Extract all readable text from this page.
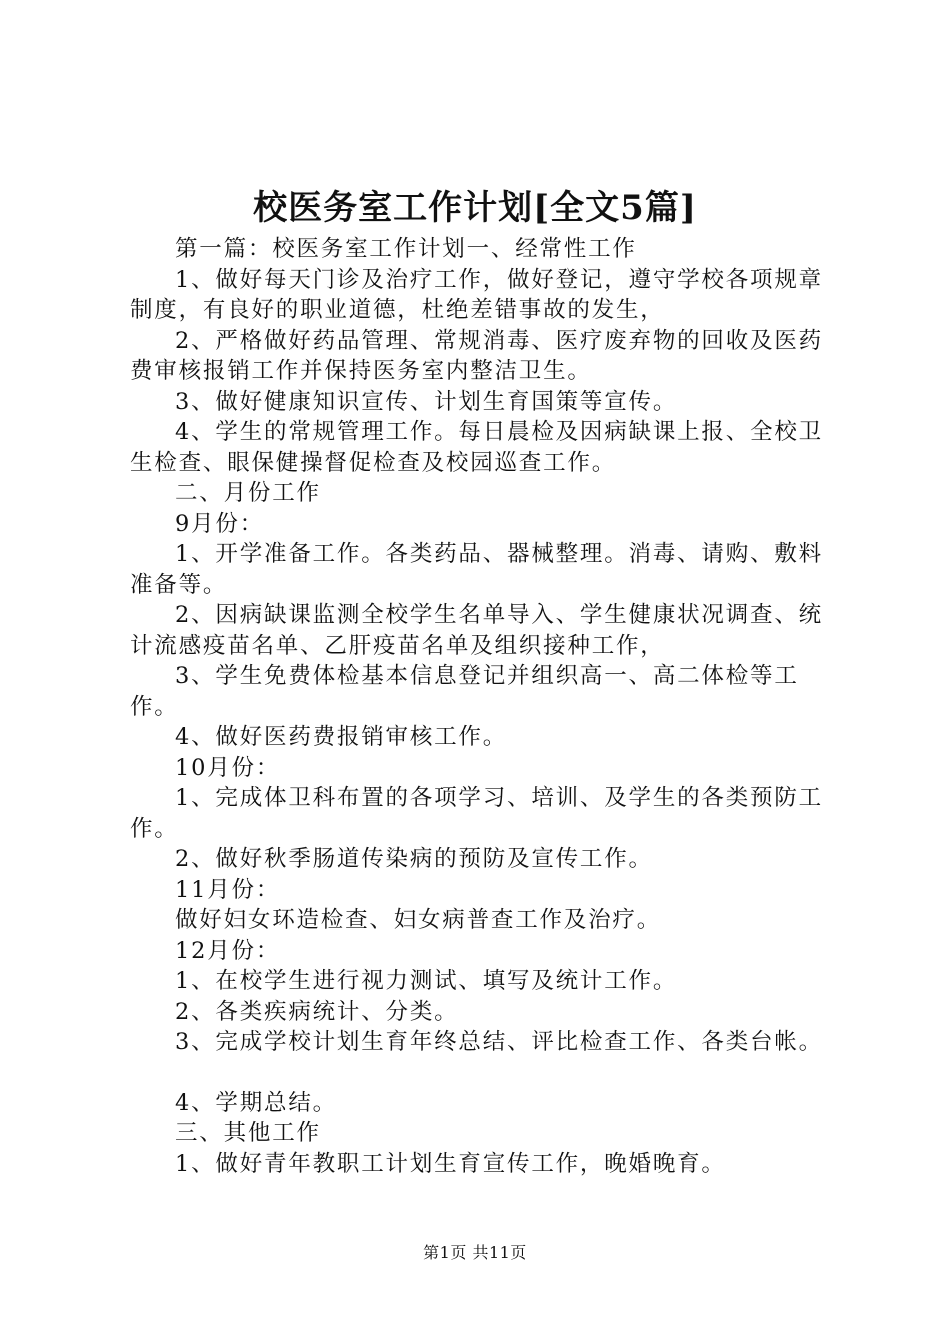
校医务室工作计划[全文5篇]

第一篇：校医务室工作计划一、经常性工作

1、做好每天门诊及治疗工作，做好登记，遵守学校各项规章制度，有良好的职业道德，杜绝差错事故的发生，

2、严格做好药品管理、常规消毒、医疗废弃物的回收及医药费审核报销工作并保持医务室内整洁卫生。

3、做好健康知识宣传、计划生育国策等宣传。

4、学生的常规管理工作。每日晨检及因病缺课上报、全校卫生检查、眼保健操督促检查及校园巡查工作。

二、月份工作

9月份：

1、开学准备工作。各类药品、器械整理。消毒、请购、敷料准备等。

2、因病缺课监测全校学生名单导入、学生健康状况调查、统计流感疫苗名单、乙肝疫苗名单及组织接种工作，

3、学生免费体检基本信息登记并组织高一、高二体检等工作。

4、做好医药费报销审核工作。

10月份：

1、完成体卫科布置的各项学习、培训、及学生的各类预防工作。

2、做好秋季肠道传染病的预防及宣传工作。

11月份：

做好妇女环造检查、妇女病普查工作及治疗。

12月份：

1、在校学生进行视力测试、填写及统计工作。

2、各类疾病统计、分类。

3、完成学校计划生育年终总结、评比检查工作、各类台帐。

4、学期总结。

三、其他工作

1、做好青年教职工计划生育宣传工作，晚婚晚育。

第1页 共11页
